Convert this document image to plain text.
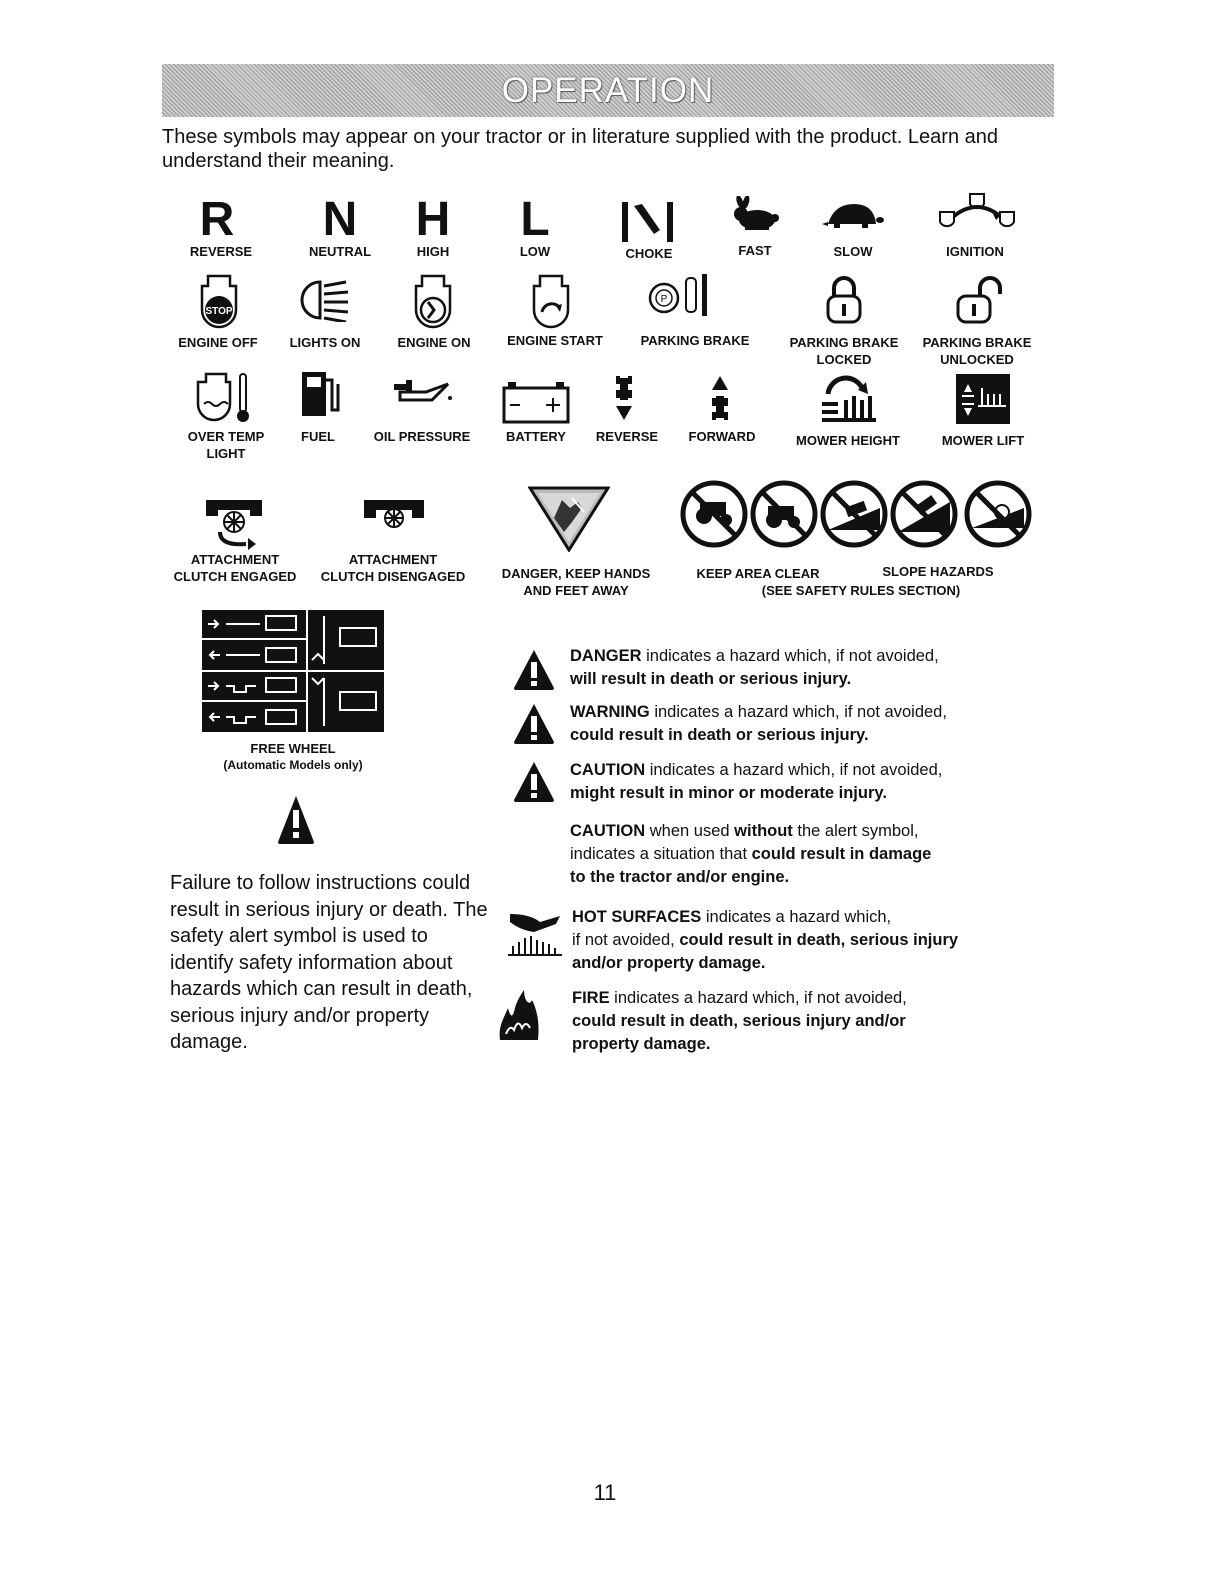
OPERATION
These symbols may appear on your tractor or in literature supplied with the product. Learn and understand their meaning.
R
REVERSE
N
NEUTRAL
H
HIGH
L
LOW	CHOKE	FAST	SLOW	IGNITION
STOP
ENGINE OFF	LIGHTS ON	ENGINE ON	ENGINE START
P
PARKING BRAKE	PARKING BRAKE LOCKED
PARKING BRAKE UNLOCKED
OVER TEMP LIGHT
FUEL	OIL PRESSURE	BATTERY	REVERSE	FORWARD	MOWER HEIGHT	MOWER LIFT
ATTACHMENT
CLUTCH ENGAGED
ATTACHMENT
CLUTCH DISENGAGED	DANGER, KEEP HANDS
AND FEET AWAY
KEEP AREA CLEAR	SLOPE HAZARDS
(SEE SAFETY RULES SECTION)
FREE WHEEL
(Automatic Models only)
Failure to follow instructions could result in serious injury or death. The safety alert symbol is used to identify safety information about hazards which can result in death, serious injury and/or property damage.
DANGER indicates a hazard which, if not avoided,
will result in death or serious injury.
WARNING indicates a hazard which, if not avoided,
could result in death or serious injury.
CAUTION indicates a hazard which, if not avoided,
might result in minor or moderate injury.
CAUTION when used without the alert symbol,
indicates a situation that could result in damage
to the tractor and/or engine.
HOT SURFACES indicates a hazard which,
if not avoided, could result in death, serious injury
and/or property damage.
FIRE indicates a hazard which, if not avoided,
could result in death, serious injury and/or
property damage.
11
